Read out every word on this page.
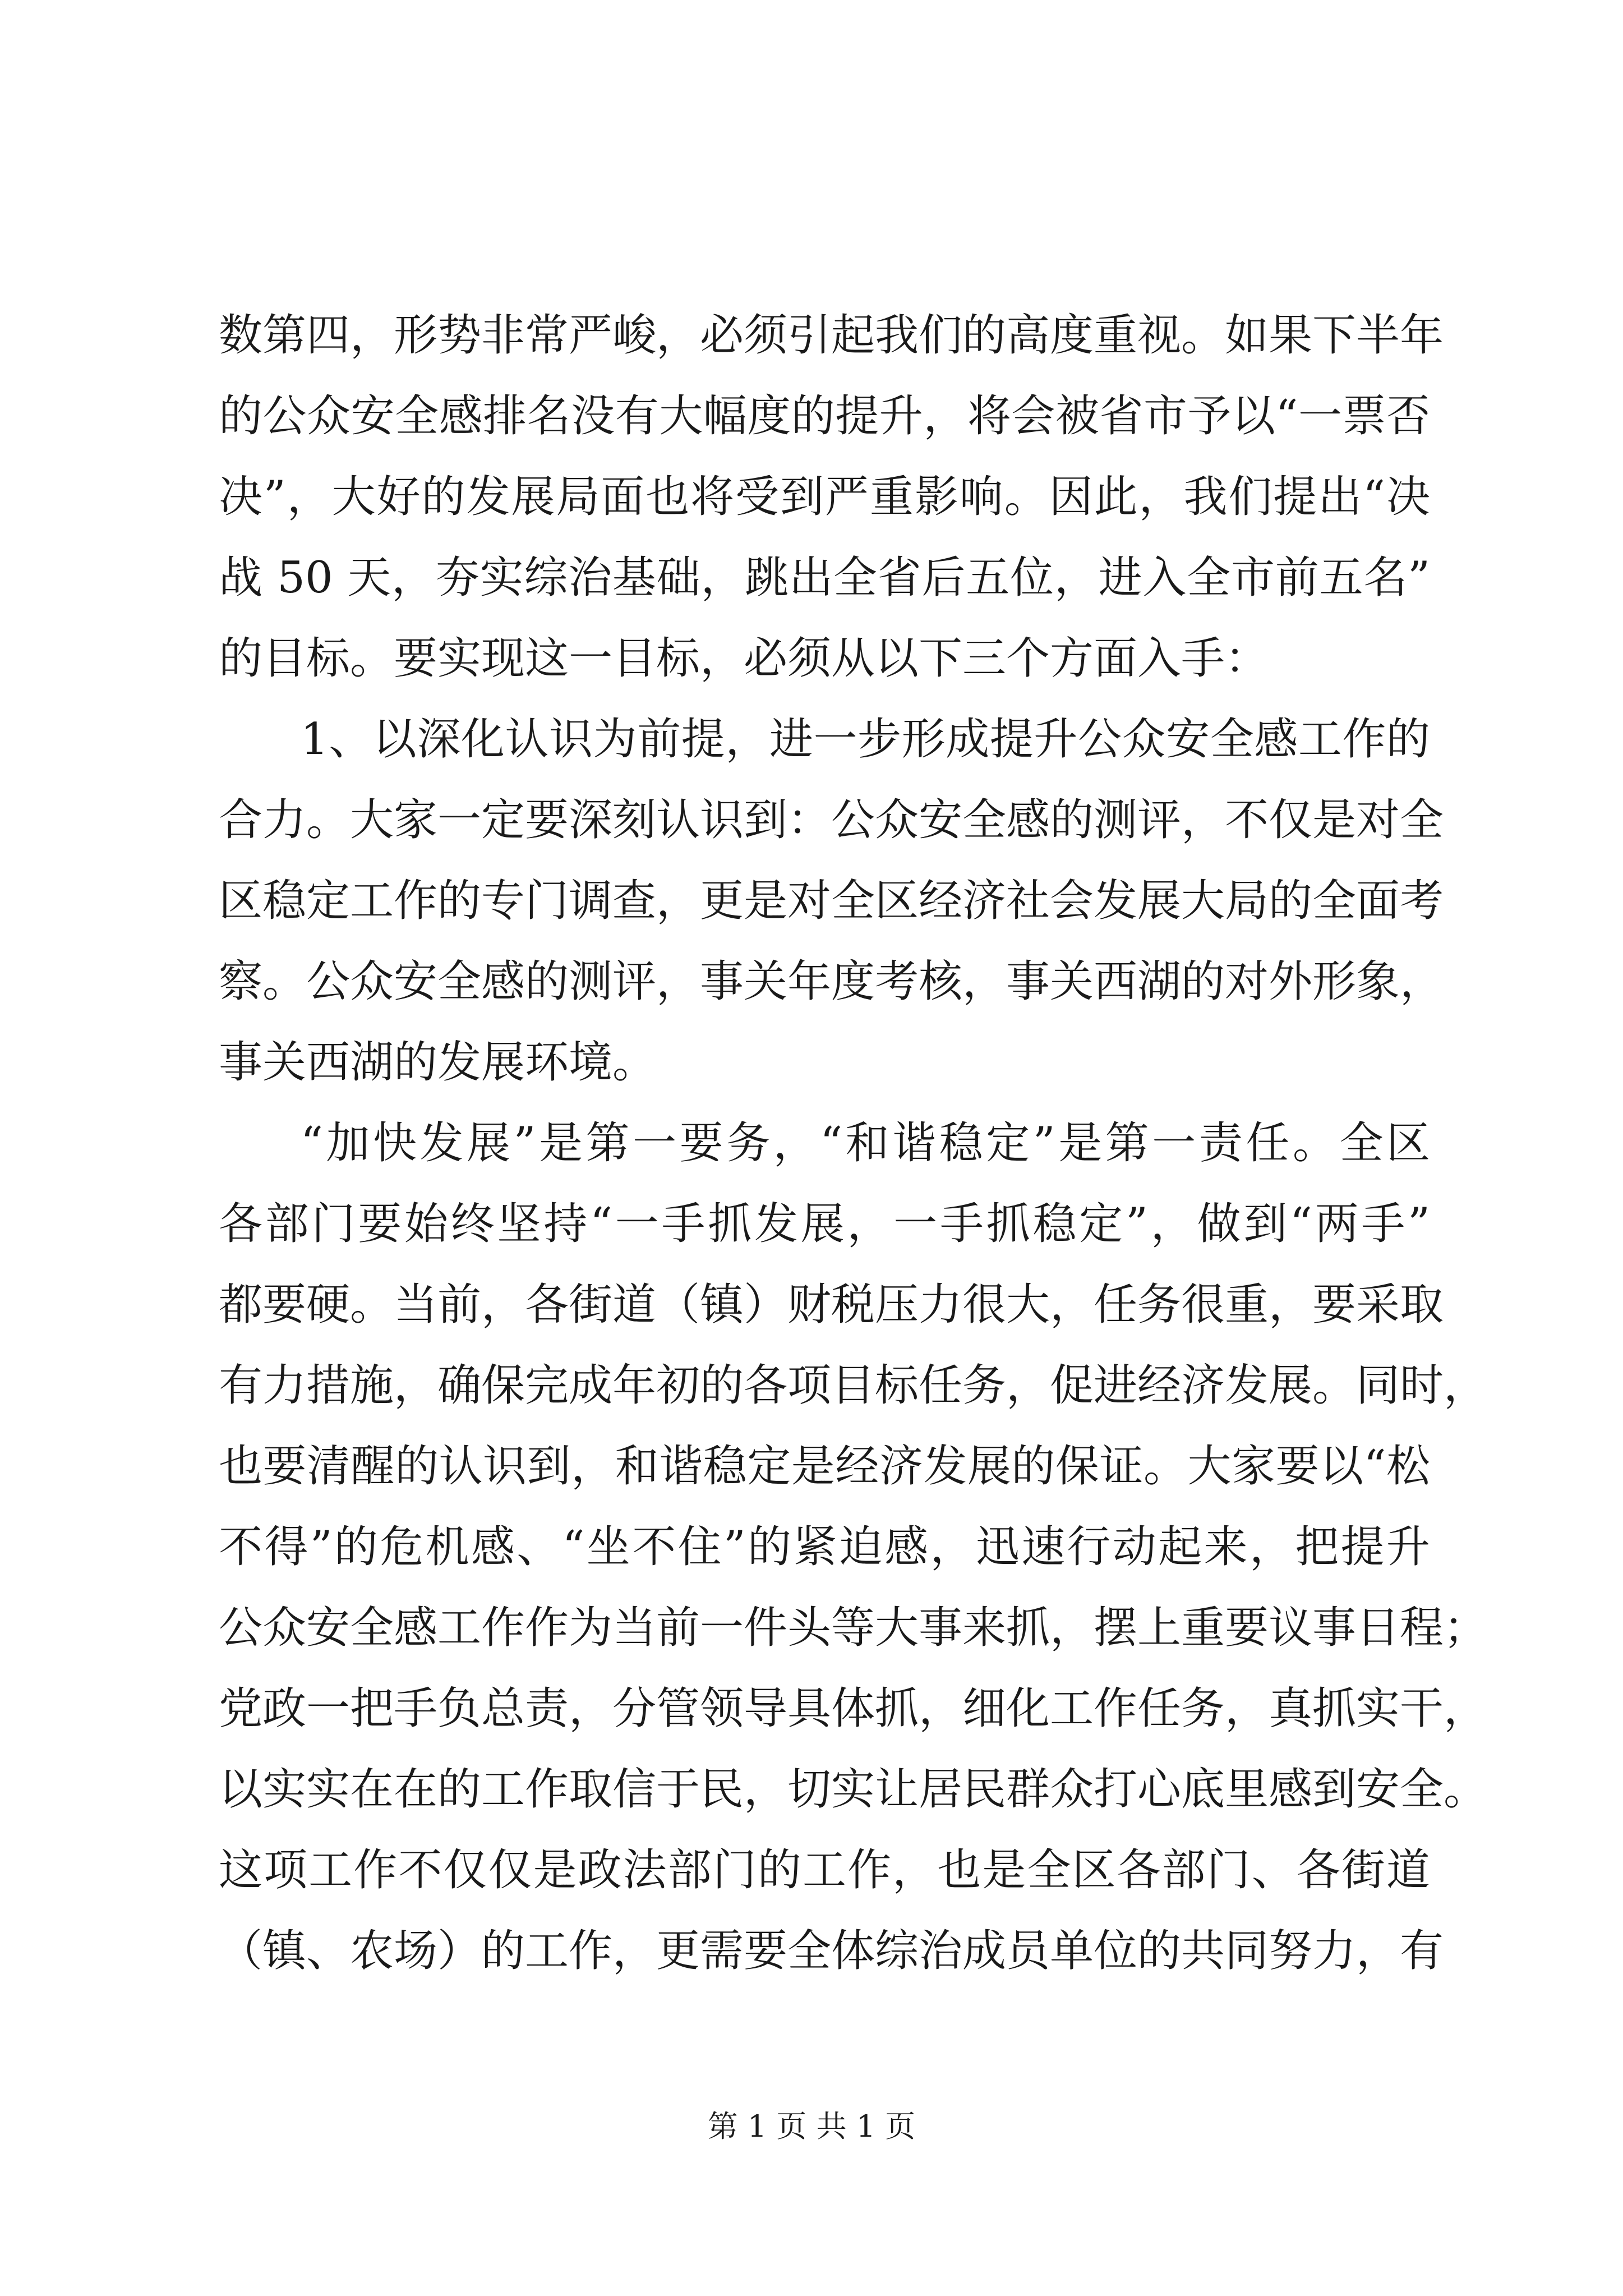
数第四，形势非常严峻，必须引起我们的高度重视。如果下半年
的公众安全感排名没有大幅度的提升，将会被省市予以“一票否
决”，大好的发展局面也将受到严重影响。因此，我们提出“决
战 50 天，夯实综治基础，跳出全省后五位，进入全市前五名”
的目标。要实现这一目标，必须从以下三个方面入手：
1、以深化认识为前提，进一步形成提升公众安全感工作的
合力。大家一定要深刻认识到：公众安全感的测评，不仅是对全
区稳定工作的专门调查，更是对全区经济社会发展大局的全面考
察。公众安全感的测评，事关年度考核，事关西湖的对外形象，
事关西湖的发展环境。
“加快发展”是第一要务，“和谐稳定”是第一责任。全区
各部门要始终坚持“一手抓发展，一手抓稳定”，做到“两手”
都要硬。当前，各街道（镇）财税压力很大，任务很重，要采取
有力措施，确保完成年初的各项目标任务，促进经济发展。同时，
也要清醒的认识到，和谐稳定是经济发展的保证。大家要以“松
不得”的危机感、“坐不住”的紧迫感，迅速行动起来，把提升
公众安全感工作作为当前一件头等大事来抓，摆上重要议事日程；
党政一把手负总责，分管领导具体抓，细化工作任务，真抓实干，
以实实在在的工作取信于民，切实让居民群众打心底里感到安全。
这项工作不仅仅是政法部门的工作，也是全区各部门、各街道
（镇、农场）的工作，更需要全体综治成员单位的共同努力，有
第 1 页 共 1 页
